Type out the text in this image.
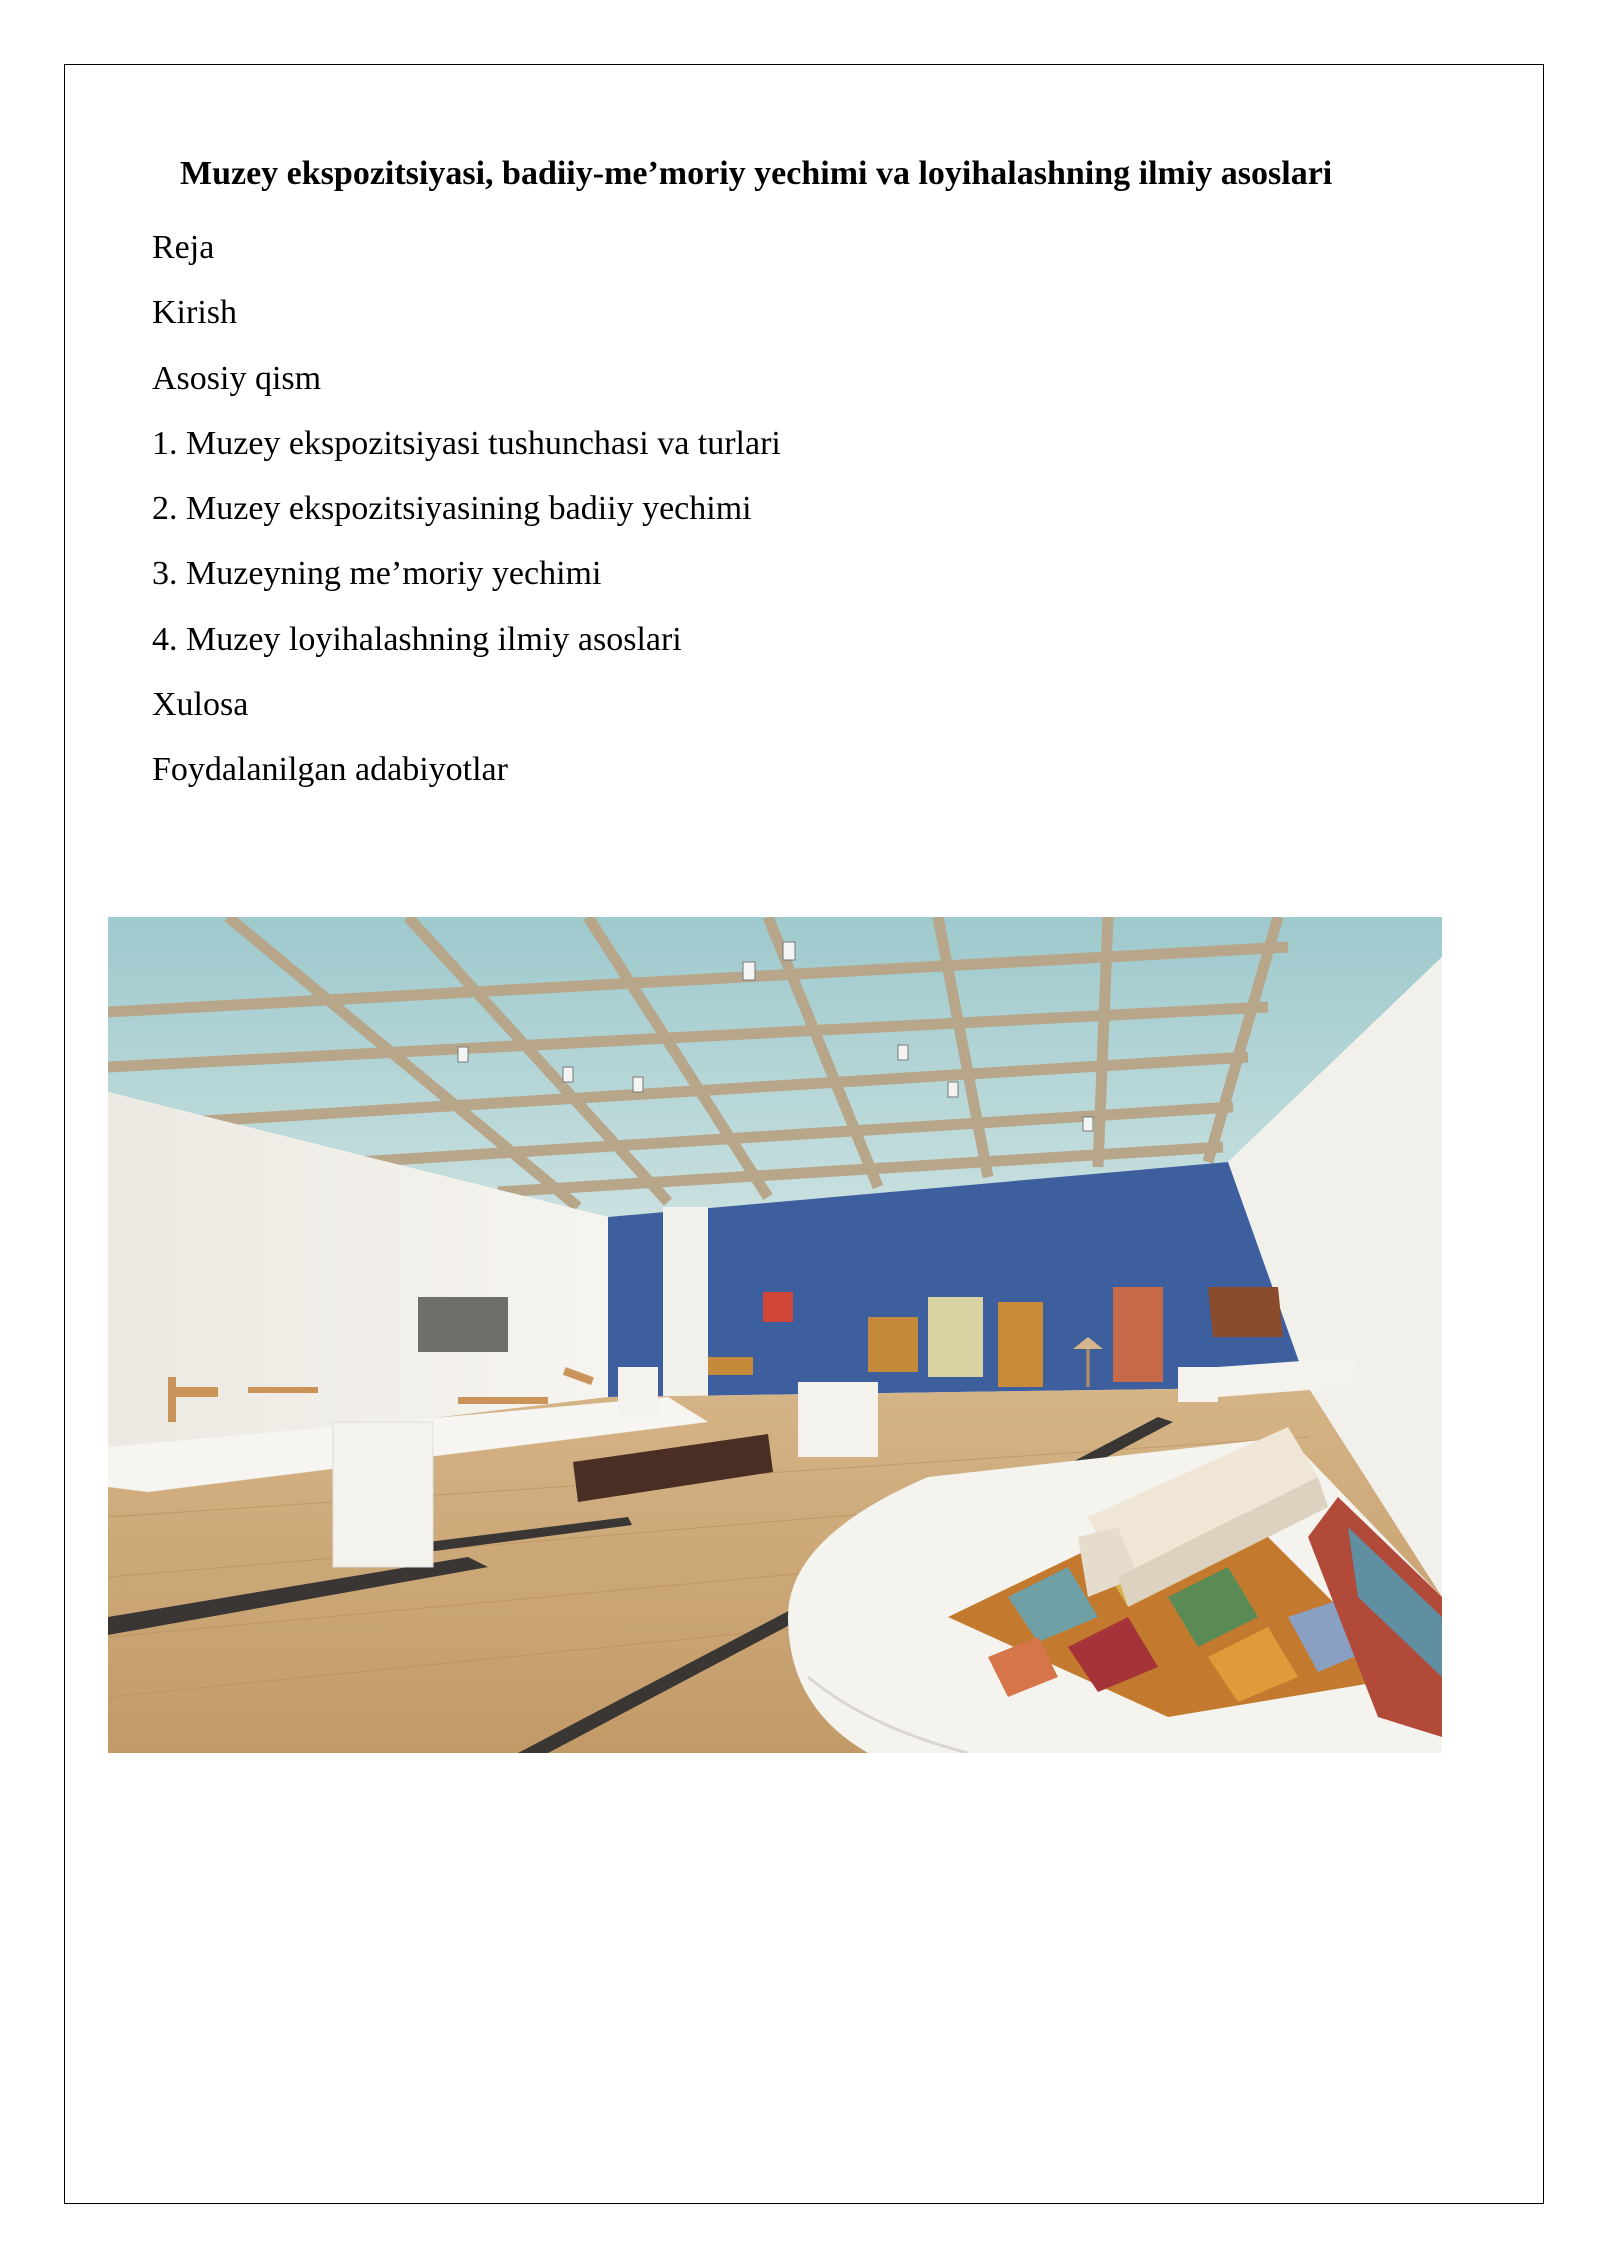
Muzey ekspozitsiyasi, badiiy-me’moriy yechimi va loyihalashning ilmiy asoslari
Reja
Kirish
Asosiy qism
1. Muzey ekspozitsiyasi tushunchasi va turlari
2. Muzey ekspozitsiyasining badiiy yechimi
3. Muzeyning me’moriy yechimi
4. Muzey loyihalashning ilmiy asoslari
Xulosa
Foydalanilgan adabiyotlar
